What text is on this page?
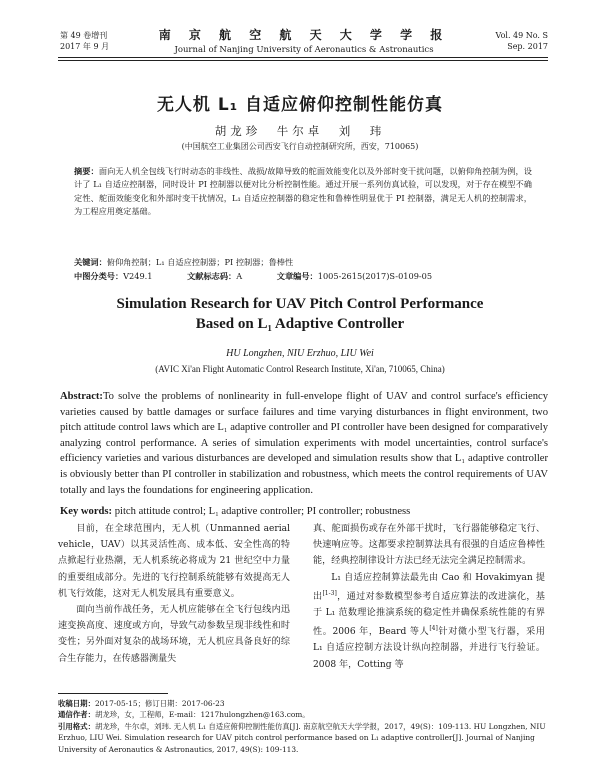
第 49 卷增刊
2017 年 9 月
南 京 航 空 航 天 大 学 学 报
Journal of Nanjing University of Aeronautics & Astronautics
Vol. 49 No. S
Sep. 2017
无人机 L₁ 自适应俯仰控制性能仿真
胡龙珍　牛尔卓　刘　玮
(中国航空工业集团公司西安飞行自动控制研究所，西安，710065)
摘要：面向无人机全包线飞行时动态的非线性、战损/故障导致的舵面效能变化以及外部时变干扰问题，以俯仰角控制为例，设计了 L₁ 自适应控制器，同时设计 PI 控制器以便对比分析控制性能。通过开展一系列仿真试验，可以发现，对于存在模型不确定性、舵面效能变化和外部时变干扰情况，L₁ 自适应控制器的稳定性和鲁棒性明显优于 PI 控制器，满足无人机的控制需求，为工程应用奠定基础。
关键词：俯仰角控制；L₁ 自适应控制器；PI 控制器；鲁棒性
中图分类号：V249.1	文献标志码：A	文章编号：1005-2615(2017)S-0109-05
Simulation Research for UAV Pitch Control Performance
Based on L₁ Adaptive Controller
HU Longzhen, NIU Erzhuo, LIU Wei
(AVIC Xi'an Flight Automatic Control Research Institute, Xi'an, 710065, China)
Abstract:To solve the problems of nonlinearity in full-envelope flight of UAV and control surface's efficiency varieties caused by battle damages or surface failures and time varying disturbances in flight environment, two pitch attitude control laws which are L₁ adaptive controller and PI controller have been designed for comparatively analyzing control performance. A series of simulation experiments with model uncertainties, control surface's efficiency varieties and various disturbances are developed and simulation results show that L₁ adaptive controller is obviously better than PI controller in stabilization and robustness, which meets the control requirements of UAV totally and lays the foundations for engineering application.
Key words: pitch attitude control; L₁ adaptive controller; PI controller; robustness

目前，在全球范围内，无人机（Unmanned aerial vehicle，UAV）以其灵活性高、成本低、安全性高的特点掀起行业热潮，无人机系统必将成为 21 世纪空中力量的重要组成部分。先进的飞行控制系统能够有效提高无人机飞行效能，这对无人机发展具有重要意义。

面向当前作战任务，无人机应能够在全飞行包线内迅速变换高度、速度或方向，导致气动参数呈现非线性和时变性；另外面对复杂的战场环境，无人机应具备良好的综合生存能力，在传感器测量失

真、舵面损伤或存在外部干扰时，飞行器能够稳定飞行、快速响应等。这都要求控制算法具有很强的自适应鲁棒性能，经典控制律设计方法已经无法完全满足控制需求。

L₁ 自适应控制算法最先由 Cao 和 Hovakimyan 提出[1-3]，通过对参数模型参考自适应算法的改进演化，基于 L₁ 范数理论推演系统的稳定性并确保系统性能的有界性。2006 年，Beard 等人[4]针对微小型飞行器，采用 L₁ 自适应控制方法设计纵向控制器，并进行飞行验证。2008 年，Cotting 等

收稿日期：2017-05-15；修订日期：2017-06-23
通信作者：胡龙珍，女，工程师，E-mail：1217hulongzhen@163.com。
引用格式：胡龙珍，牛尔卓，刘玮. 无人机 L₁ 自适应俯仰控制性能仿真[J]. 南京航空航天大学学报，2017，49(S)：109-113. HU Longzhen, NIU Erzhuo, LIU Wei. Simulation research for UAV pitch control performance based on L₁ adaptive controller[J]. Journal of Nanjing University of Aeronautics & Astronautics, 2017, 49(S): 109-113.
